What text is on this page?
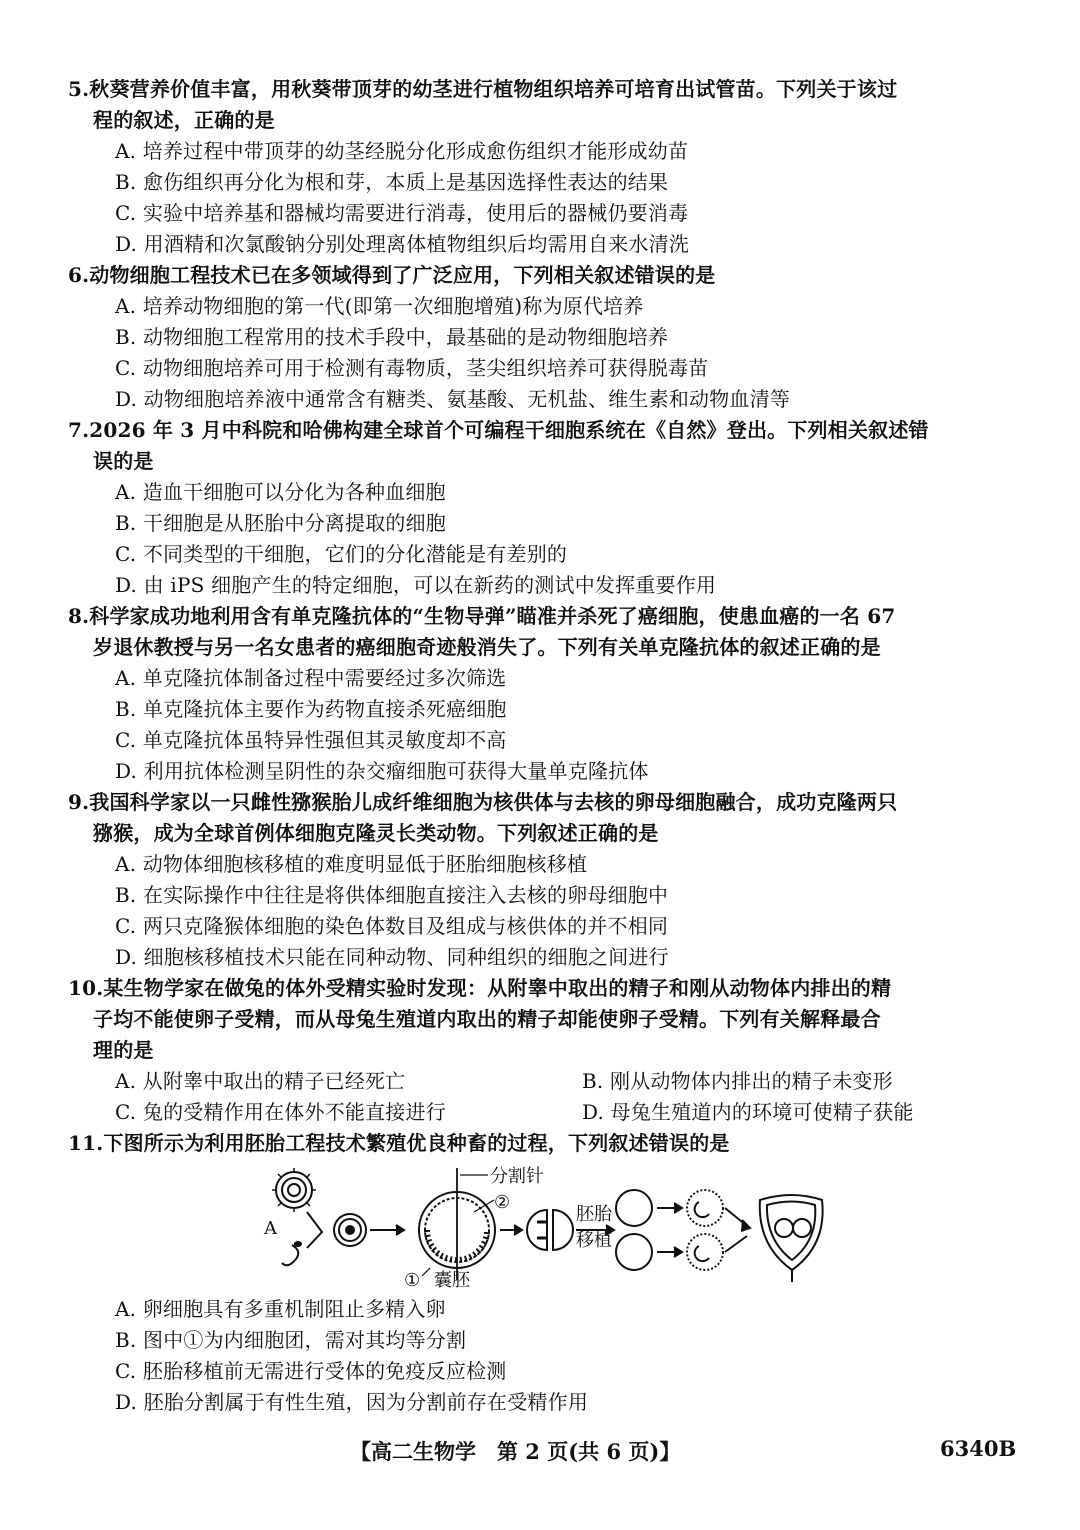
5.秋葵营养价值丰富，用秋葵带顶芽的幼茎进行植物组织培养可培育出试管苗。下列关于该过
程的叙述，正确的是
A. 培养过程中带顶芽的幼茎经脱分化形成愈伤组织才能形成幼苗
B. 愈伤组织再分化为根和芽，本质上是基因选择性表达的结果
C. 实验中培养基和器械均需要进行消毒，使用后的器械仍要消毒
D. 用酒精和次氯酸钠分别处理离体植物组织后均需用自来水清洗
6.动物细胞工程技术已在多领域得到了广泛应用，下列相关叙述错误的是
A. 培养动物细胞的第一代(即第一次细胞增殖)称为原代培养
B. 动物细胞工程常用的技术手段中，最基础的是动物细胞培养
C. 动物细胞培养可用于检测有毒物质，茎尖组织培养可获得脱毒苗
D. 动物细胞培养液中通常含有糖类、氨基酸、无机盐、维生素和动物血清等
7.2026 年 3 月中科院和哈佛构建全球首个可编程干细胞系统在《自然》登出。下列相关叙述错
误的是
A. 造血干细胞可以分化为各种血细胞
B. 干细胞是从胚胎中分离提取的细胞
C. 不同类型的干细胞，它们的分化潜能是有差别的
D. 由 iPS 细胞产生的特定细胞，可以在新药的测试中发挥重要作用
8.科学家成功地利用含有单克隆抗体的“生物导弹”瞄准并杀死了癌细胞，使患血癌的一名 67
岁退休教授与另一名女患者的癌细胞奇迹般消失了。下列有关单克隆抗体的叙述正确的是
A. 单克隆抗体制备过程中需要经过多次筛选
B. 单克隆抗体主要作为药物直接杀死癌细胞
C. 单克隆抗体虽特异性强但其灵敏度却不高
D. 利用抗体检测呈阴性的杂交瘤细胞可获得大量单克隆抗体
9.我国科学家以一只雌性猕猴胎儿成纤维细胞为核供体与去核的卵母细胞融合，成功克隆两只
猕猴，成为全球首例体细胞克隆灵长类动物。下列叙述正确的是
A. 动物体细胞核移植的难度明显低于胚胎细胞核移植
B. 在实际操作中往往是将供体细胞直接注入去核的卵母细胞中
C. 两只克隆猴体细胞的染色体数目及组成与核供体的并不相同
D. 细胞核移植技术只能在同种动物、同种组织的细胞之间进行
10.某生物学家在做兔的体外受精实验时发现：从附睾中取出的精子和刚从动物体内排出的精
子均不能使卵子受精，而从母兔生殖道内取出的精子却能使卵子受精。下列有关解释最合
理的是
A. 从附睾中取出的精子已经死亡	B. 刚从动物体内排出的精子未变形
C. 兔的受精作用在体外不能直接进行	D. 母兔生殖道内的环境可使精子获能
11.下图所示为利用胚胎工程技术繁殖优良种畜的过程，下列叙述错误的是
A
分割针
②
① 囊胚
胚胎
移植
A. 卵细胞具有多重机制阻止多精入卵
B. 图中①为内细胞团，需对其均等分割
C. 胚胎移植前无需进行受体的免疫反应检测
D. 胚胎分割属于有性生殖，因为分割前存在受精作用
【高二生物学　第 2 页(共 6 页)】	6340B
